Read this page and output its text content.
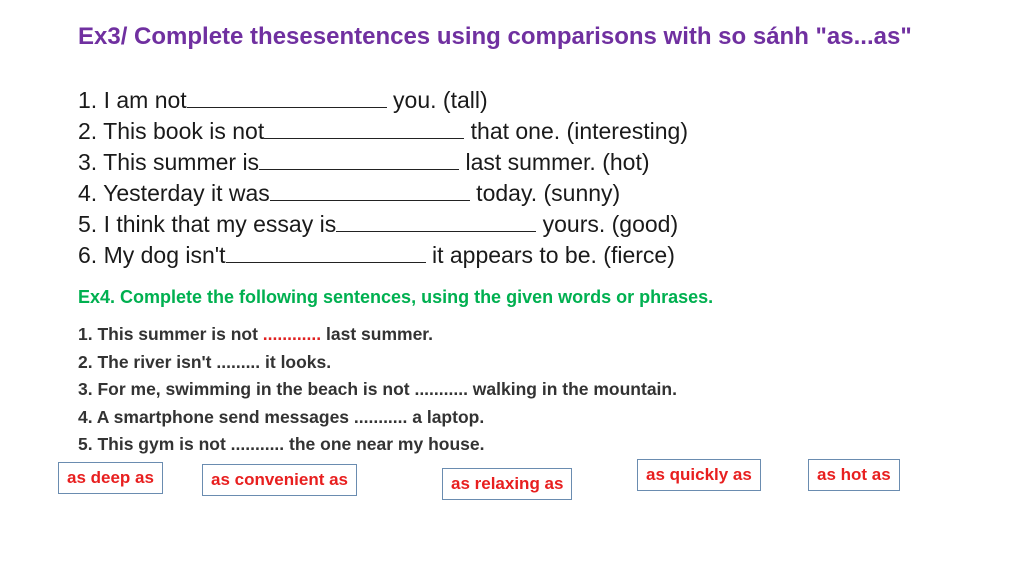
Ex3/ Complete thesesentences using comparisons with so sánh "as...as"
1. I am not	you. (tall)
2. This book is not	that one. (interesting)
3. This summer is	last summer. (hot)
4. Yesterday it was	today. (sunny)
5. I think that my essay is	yours. (good)
6. My dog isn't	it appears to be. (fierce)
Ex4. Complete the following sentences, using the given words or phrases.
1. This summer is not ............ last summer.
2. The river isn't ......... it looks.
3. For me, swimming in the beach is not ........... walking in the mountain.
4. A smartphone send messages ........... a laptop.
5. This gym is not ........... the one near my house.
as deep as	as convenient as	as relaxing as	as quickly as	as hot as
